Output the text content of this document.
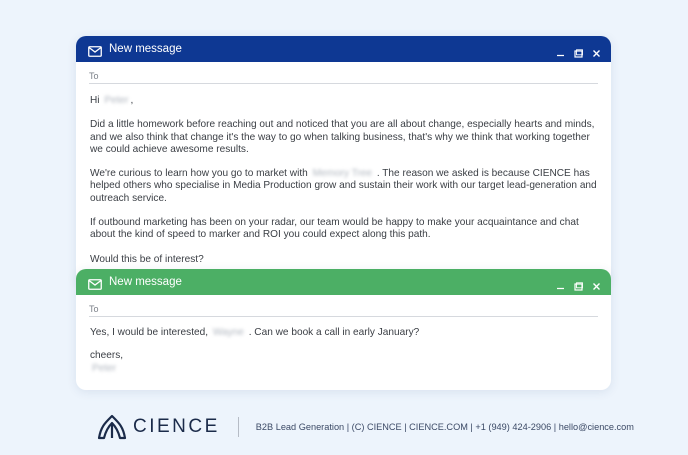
New message
To

Hi Peter ,

Did a little homework before reaching out and noticed that you are all about change, especially hearts and minds, and we also think that change it's the way to go when talking business, that's why we think that working together we could achieve awesome results.

We're curious to learn how you go to market with Memory Tree . The reason we asked is because CIENCE has helped others who specialise in Media Production grow and sustain their work with our target lead-generation and outreach service.

If outbound marketing has been on your radar, our team would be happy to make your acquaintance and chat about the kind of speed to marker and ROI you could expect along this path.

Would this be of interest?

New message
To

Yes, I would be interested, Wayne . Can we book a call in early January?

cheers,

Peter

CIENCE	B2B Lead Generation | (C) CIENCE | CIENCE.COM | +1 (949) 424-2906 | hello@cience.com
